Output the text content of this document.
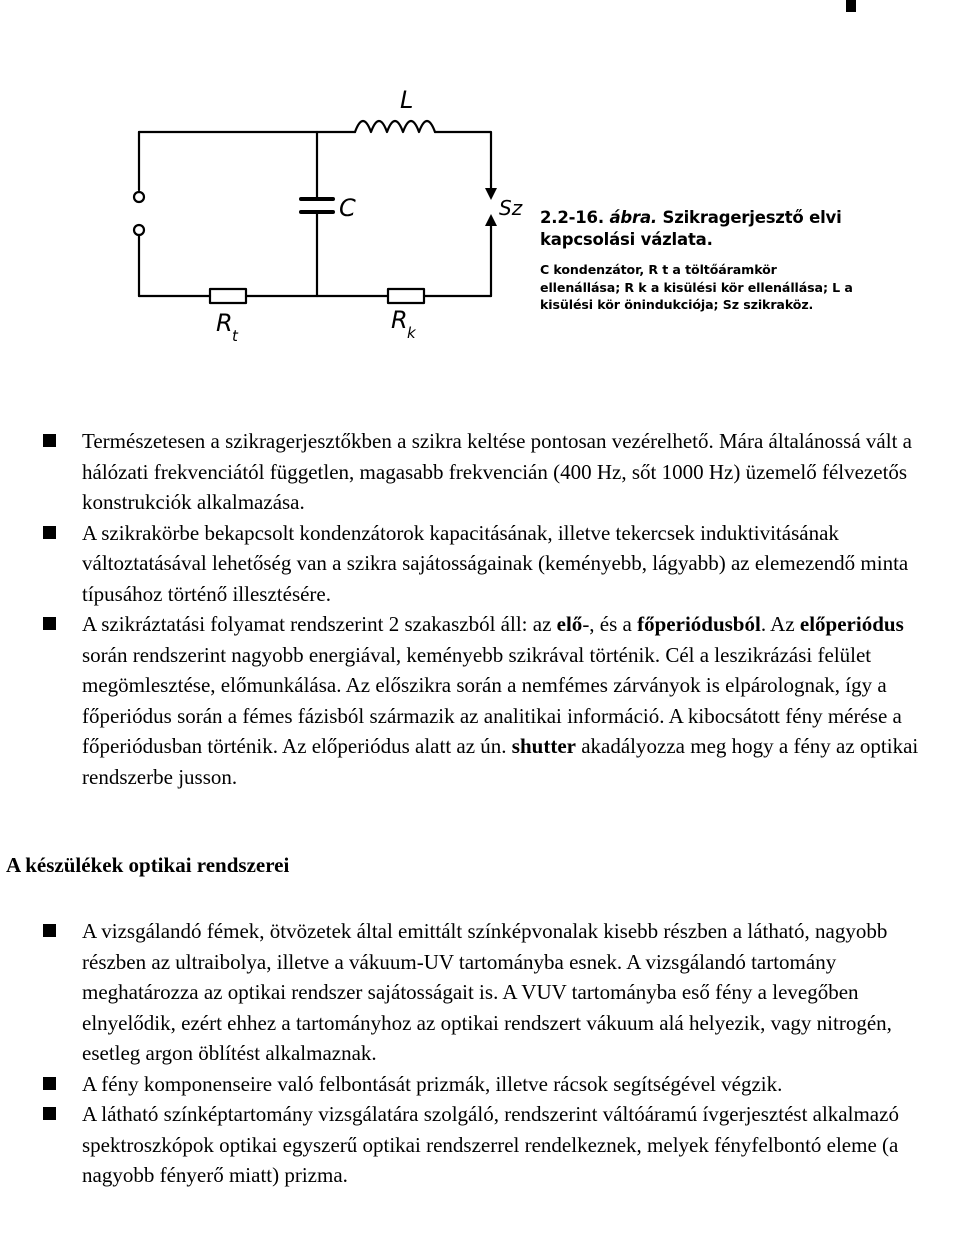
L
C	Sz
R t
R k
2.2-16. ábra. Szikragerjesztő elvi kapcsolási vázlata.
C kondenzátor, R t a töltőáramkör ellenállása; R k a kisülési kör ellenállása; L a kisülési kör önindukciója; Sz szikraköz.

Természetesen a szikragerjesztőkben a szikra keltése pontosan vezérelhető. Mára általánossá vált a hálózati frekvenciától független, magasabb frekvencián (400 Hz, sőt 1000 Hz) üzemelő félvezetős konstrukciók alkalmazása.

A szikrakörbe bekapcsolt kondenzátorok kapacitásának, illetve tekercsek induktivitásának változtatásával lehetőség van a szikra sajátosságainak (keményebb, lágyabb) az elemezendő minta típusához történő illesztésére.

A szikráztatási folyamat rendszerint 2 szakaszból áll: az elő-, és a főperiódusból. Az előperiódus során rendszerint nagyobb energiával, keményebb szikrával történik. Cél a leszikrázási felület megömlesztése, előmunkálása. Az előszikra során a nemfémes zárványok is elpárolognak, így a főperiódus során a fémes fázisból származik az analitikai információ. A kibocsátott fény mérése a főperiódusban történik. Az előperiódus alatt az ún. shutter akadályozza meg hogy a fény az optikai rendszerbe jusson.

A készülékek optikai rendszerei

A vizsgálandó fémek, ötvözetek által emittált színképvonalak kisebb részben a látható, nagyobb részben az ultraibolya, illetve a vákuum-UV tartományba esnek. A vizsgálandó tartomány meghatározza az optikai rendszer sajátosságait is. A VUV tartományba eső fény a levegőben elnyelődik, ezért ehhez a tartományhoz az optikai rendszert vákuum alá helyezik, vagy nitrogén, esetleg argon öblítést alkalmaznak.

A fény komponenseire való felbontását prizmák, illetve rácsok segítségével végzik.

A látható színképtartomány vizsgálatára szolgáló, rendszerint váltóáramú ívgerjesztést alkalmazó spektroszkópok optikai egyszerű optikai rendszerrel rendelkeznek, melyek fényfelbontó eleme (a nagyobb fényerő miatt) prizma.
